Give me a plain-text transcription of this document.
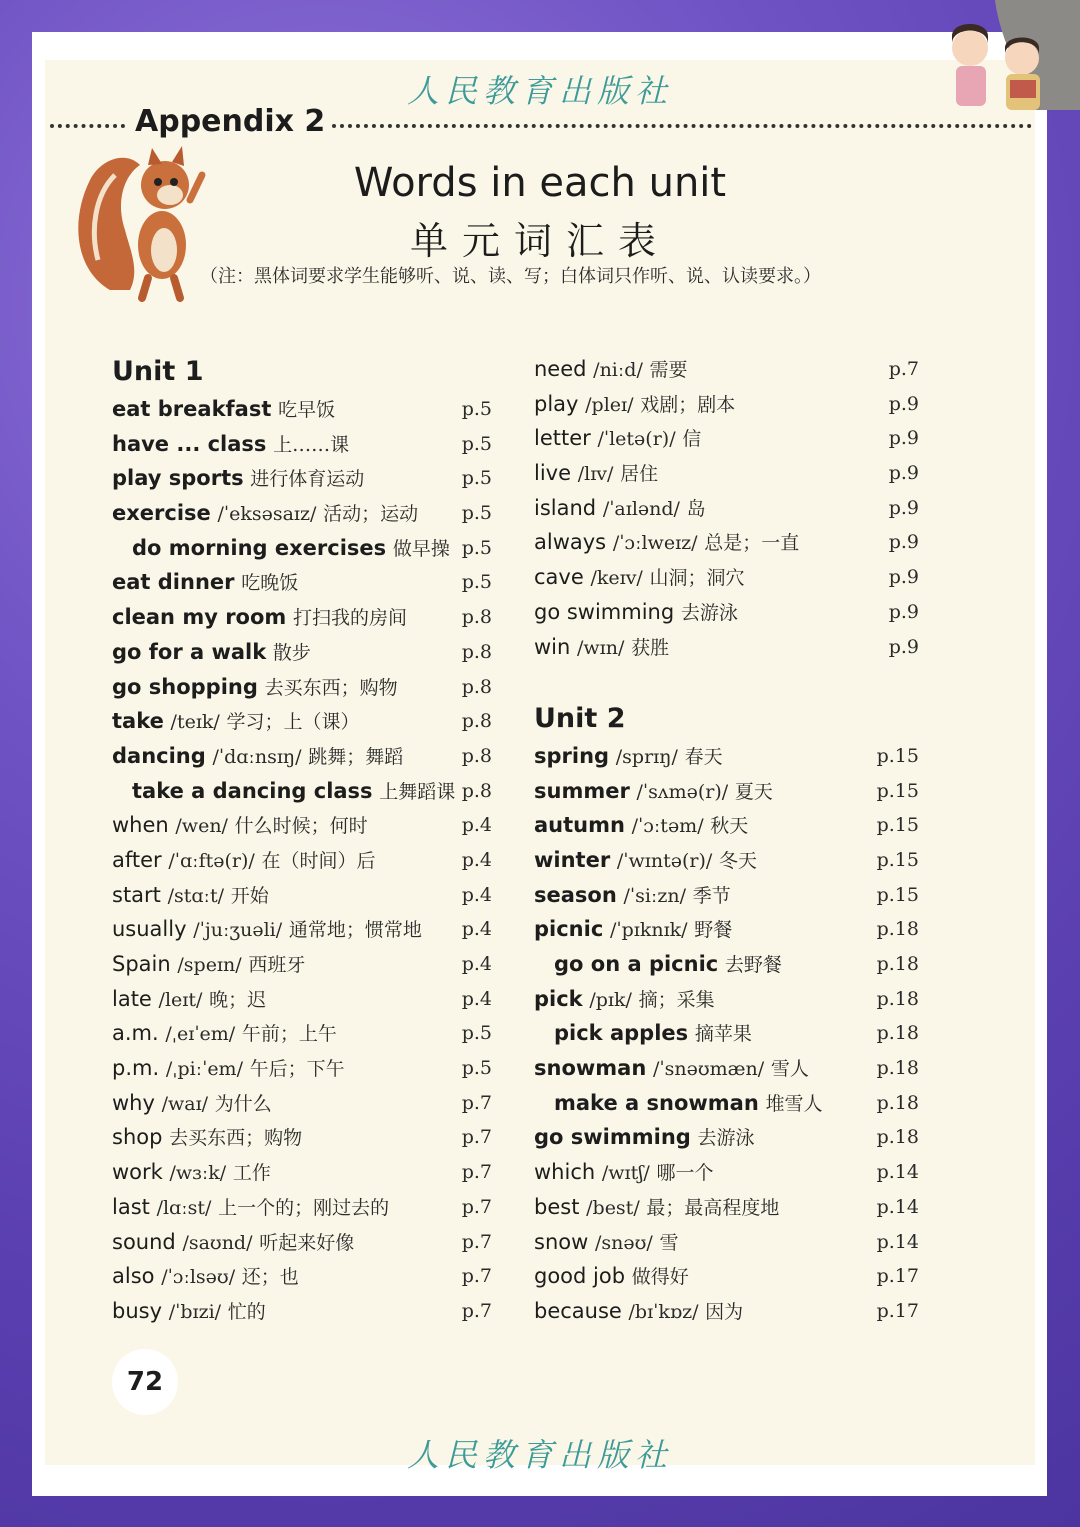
人民教育出版社
Appendix 2
Words in each unit
单元词汇表
（注：黑体词要求学生能够听、说、读、写；白体词只作听、说、认读要求。）
Unit 1
eat breakfast 吃早饭	p.5
have ... class 上……课	p.5
play sports 进行体育运动	p.5
exercise /ˈeksəsaɪz/ 活动；运动 p.5
do morning exercises 做早操 p.5
eat dinner 吃晚饭	p.5
clean my room 打扫我的房间	p.8
go for a walk 散步	p.8
go shopping 去买东西；购物	p.8
take /teɪk/ 学习；上（课）	p.8
dancing /ˈdɑːnsɪŋ/ 跳舞；舞蹈	p.8
take a dancing class 上舞蹈课 p.8
when /wen/ 什么时候；何时	p.4
after /ˈɑːftə(r)/ 在（时间）后	p.4
start /stɑːt/ 开始	p.4
usually /ˈjuːʒuəli/ 通常地；惯常地 p.4
Spain /speɪn/ 西班牙	p.4
late /leɪt/ 晚；迟	p.4
a.m. /ˌeɪˈem/ 午前；上午	p.5
p.m. /ˌpiːˈem/ 午后；下午	p.5
why /waɪ/ 为什么	p.7
shop 去买东西；购物	p.7
work /wɜːk/ 工作	p.7
last /lɑːst/ 上一个的；刚过去的	p.7
sound /saʊnd/ 听起来好像	p.7
also /ˈɔːlsəʊ/ 还；也	p.7
busy /ˈbɪzi/ 忙的	p.7
need /niːd/ 需要	p.7
play /pleɪ/ 戏剧；剧本	p.9
letter /ˈletə(r)/ 信	p.9
live /lɪv/ 居住	p.9
island /ˈaɪlənd/ 岛	p.9
always /ˈɔːlweɪz/ 总是；一直	p.9
cave /keɪv/ 山洞；洞穴	p.9
go swimming 去游泳	p.9
win /wɪn/ 获胜	p.9
Unit 2
spring /sprɪŋ/ 春天	p.15
summer /ˈsʌmə(r)/ 夏天	p.15
autumn /ˈɔːtəm/ 秋天	p.15
winter /ˈwɪntə(r)/ 冬天	p.15
season /ˈsiːzn/ 季节	p.15
picnic /ˈpɪknɪk/ 野餐	p.18
go on a picnic 去野餐	p.18
pick /pɪk/ 摘；采集	p.18
pick apples 摘苹果	p.18
snowman /ˈsnəʊmæn/ 雪人	p.18
make a snowman 堆雪人	p.18
go swimming 去游泳	p.18
which /wɪtʃ/ 哪一个	p.14
best /best/ 最；最高程度地	p.14
snow /snəʊ/ 雪	p.14
good job 做得好	p.17
because /bɪˈkɒz/ 因为	p.17
72
人民教育出版社
